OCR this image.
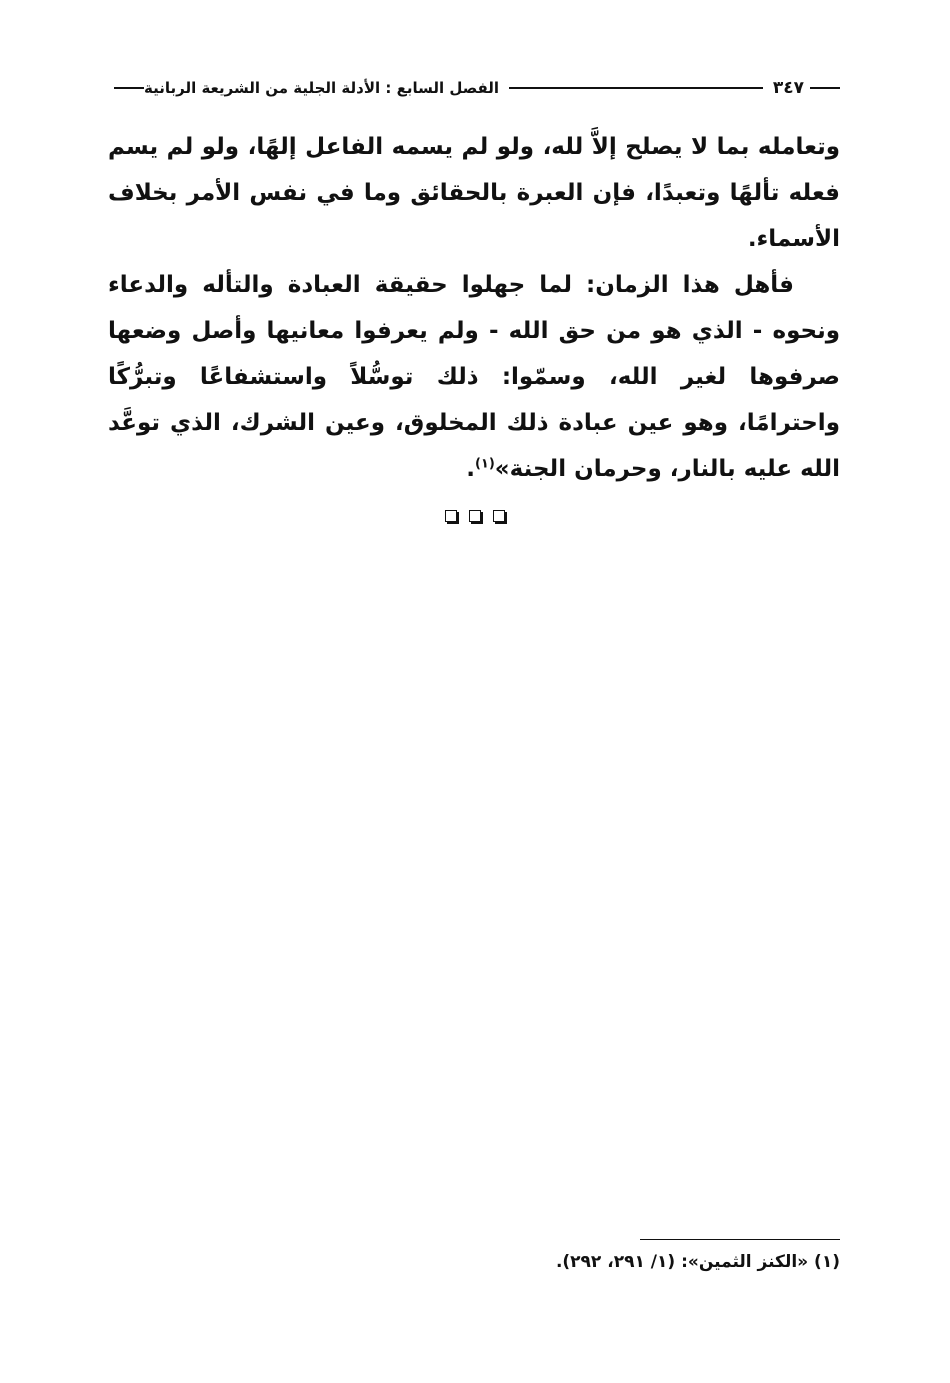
الفصل السابع : الأدلة الجلية من الشريعة الربانية	٣٤٧

وتعامله بما لا يصلح إلاَّ لله، ولو لم يسمه الفاعل إلهًا، ولو لم يسم فعله تألهًا وتعبدًا، فإن العبرة بالحقائق وما في نفس الأمر بخلاف الأسماء.

فأهل هذا الزمان: لما جهلوا حقيقة العبادة والتأله والدعاء ونحوه - الذي هو من حق الله - ولم يعرفوا معانيها وأصل وضعها صرفوها لغير الله، وسمّوا: ذلك توسُّلاً واستشفاعًا وتبرُّكًا واحترامًا، وهو عين عبادة ذلك المخلوق، وعين الشرك، الذي توعَّد الله عليه بالنار، وحرمان الجنة»$^{(١)}$.

(١) «الكنز الثمين»: (١/ ٢٩١، ٢٩٢).
